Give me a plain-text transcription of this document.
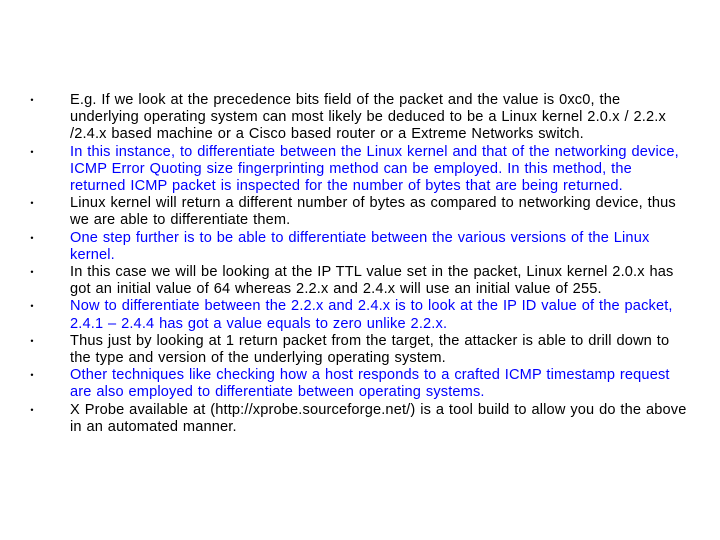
• E.g. If we look at the precedence bits field of the packet and the value is 0xc0, the underlying operating system can most likely be deduced to be a Linux kernel 2.0.x / 2.2.x /2.4.x based machine or a Cisco based router or a Extreme Networks switch.
• In this instance, to differentiate between the Linux kernel and that of the networking device, ICMP Error Quoting size fingerprinting method can be employed. In this method, the returned ICMP packet is inspected for the number of bytes that are being returned.
• Linux kernel will return a different number of bytes as compared to networking device, thus we are able to differentiate them.
• One step further is to be able to differentiate between the various versions of the Linux kernel.
• In this case we will be looking at the IP TTL value set in the packet, Linux kernel 2.0.x has got an initial value of 64 whereas 2.2.x and 2.4.x will use an initial value of 255.
• Now to differentiate between the 2.2.x and 2.4.x is to look at the IP ID value of the packet, 2.4.1 – 2.4.4 has got a value equals to zero unlike 2.2.x.
• Thus just by looking at 1 return packet from the target, the attacker is able to drill down to the type and version of the underlying operating system.
• Other techniques like checking how a host responds to a crafted ICMP timestamp request are also employed to differentiate between operating systems.
• X Probe available at (http://xprobe.sourceforge.net/) is a tool build to allow you do the above in an automated manner.
